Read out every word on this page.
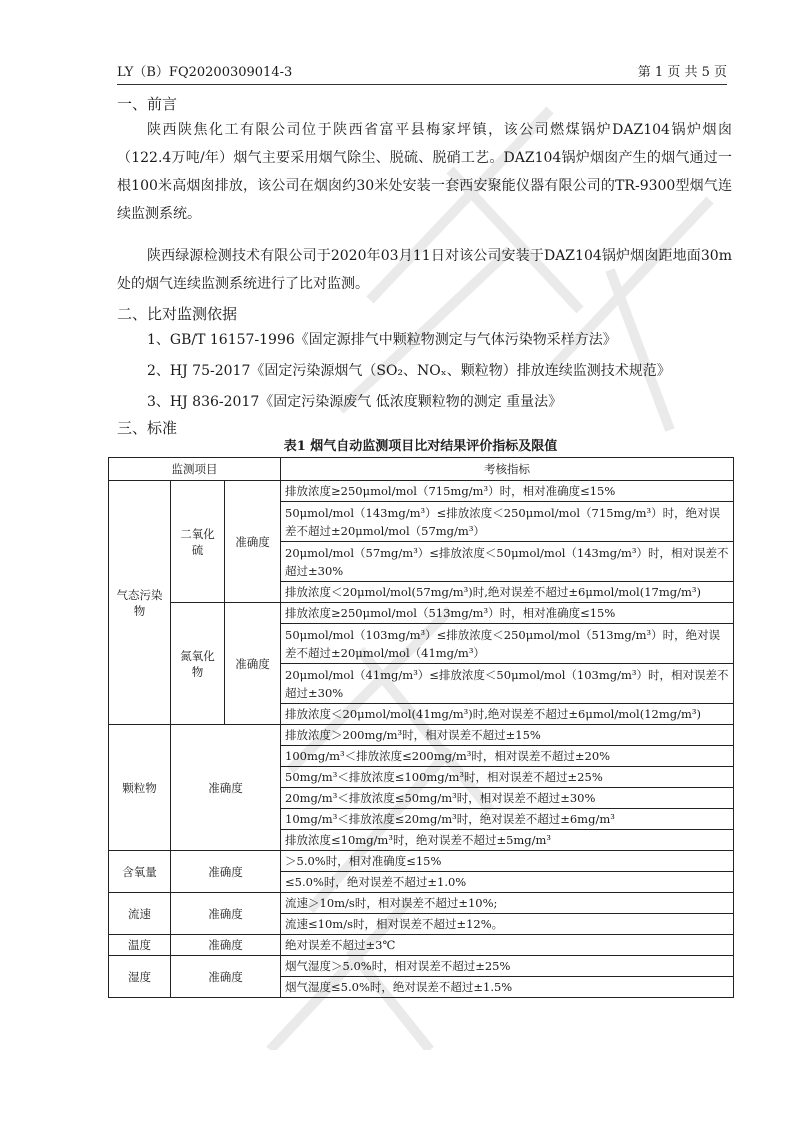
LY（B）FQ20200309014-3	第 1 页 共 5 页
一、前言

陕西陕焦化工有限公司位于陕西省富平县梅家坪镇，该公司燃煤锅炉DAZ104锅炉烟囱（122.4万吨/年）烟气主要采用烟气除尘、脱硫、脱硝工艺。DAZ104锅炉烟囱产生的烟气通过一根100米高烟囱排放，该公司在烟囱约30米处安装一套西安聚能仪器有限公司的TR-9300型烟气连续监测系统。

陕西绿源检测技术有限公司于2020年03月11日对该公司安装于DAZ104锅炉烟囱距地面30m处的烟气连续监测系统进行了比对监测。

二、比对监测依据
1、GB/T 16157-1996《固定源排气中颗粒物测定与气体污染物采样方法》
2、HJ 75-2017《固定污染源烟气（SO₂、NOₓ、颗粒物）排放连续监测技术规范》
3、HJ 836-2017《固定污染源废气 低浓度颗粒物的测定 重量法》
三、标准
表1 烟气自动监测项目比对结果评价指标及限值
监测项目			考核指标
气态污染物	二氧化硫	准确度	排放浓度≥250μmol/mol（715mg/m³）时，相对准确度≤15%
			50μmol/mol（143mg/m³）≤排放浓度＜250μmol/mol（715mg/m³）时，绝对误差不超过±20μmol/mol（57mg/m³）
			20μmol/mol（57mg/m³）≤排放浓度＜50μmol/mol（143mg/m³）时，相对误差不超过±30%
			排放浓度＜20μmol/mol(57mg/m³)时,绝对误差不超过±6μmol/mol(17mg/m³)
	氮氧化物	准确度	排放浓度≥250μmol/mol（513mg/m³）时，相对准确度≤15%
			50μmol/mol（103mg/m³）≤排放浓度＜250μmol/mol（513mg/m³）时，绝对误差不超过±20μmol/mol（41mg/m³）
			20μmol/mol（41mg/m³）≤排放浓度＜50μmol/mol（103mg/m³）时，相对误差不超过±30%
			排放浓度＜20μmol/mol(41mg/m³)时,绝对误差不超过±6μmol/mol(12mg/m³)
颗粒物	准确度		排放浓度＞200mg/m³时，相对误差不超过±15%
			100mg/m³＜排放浓度≤200mg/m³时，相对误差不超过±20%
			50mg/m³＜排放浓度≤100mg/m³时，相对误差不超过±25%
			20mg/m³＜排放浓度≤50mg/m³时，相对误差不超过±30%
			10mg/m³＜排放浓度≤20mg/m³时，绝对误差不超过±6mg/m³
			排放浓度≤10mg/m³时，绝对误差不超过±5mg/m³
含氧量	准确度		＞5.0%时，相对准确度≤15%
			≤5.0%时，绝对误差不超过±1.0%
流速	准确度		流速＞10m/s时，相对误差不超过±10%;
			流速≤10m/s时，相对误差不超过±12%。
温度	准确度		绝对误差不超过±3℃
湿度	准确度		烟气湿度＞5.0%时，相对误差不超过±25%
			烟气湿度≤5.0%时，绝对误差不超过±1.5%
